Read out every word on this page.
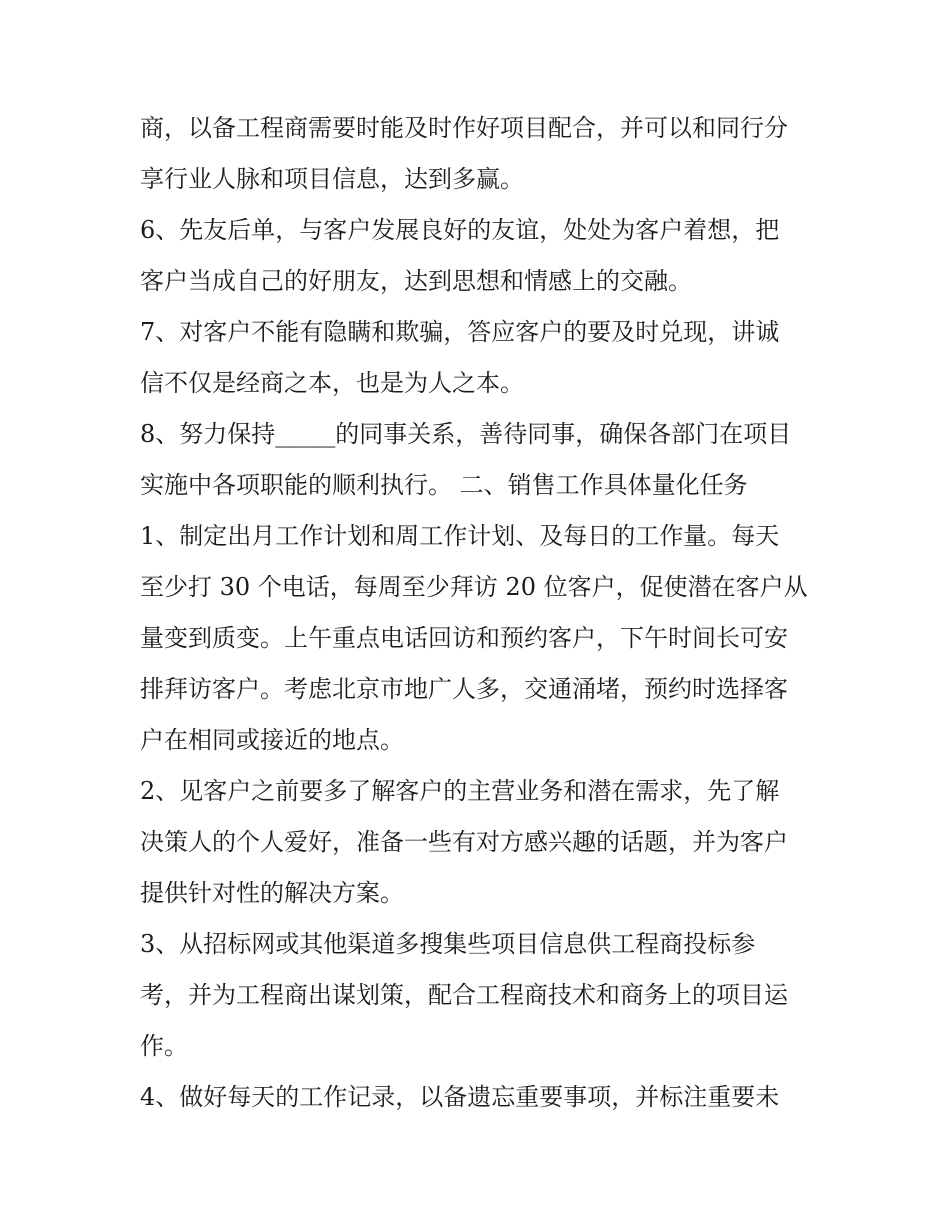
商，以备工程商需要时能及时作好项目配合，并可以和同行分
享行业人脉和项目信息，达到多赢。
6、先友后单，与客户发展良好的友谊，处处为客户着想，把
客户当成自己的好朋友，达到思想和情感上的交融。
7、对客户不能有隐瞒和欺骗，答应客户的要及时兑现，讲诚
信不仅是经商之本，也是为人之本。
8、努力保持_____的同事关系，善待同事，确保各部门在项目
实施中各项职能的顺利执行。 二、销售工作具体量化任务
1、制定出月工作计划和周工作计划、及每日的工作量。每天
至少打 30 个电话，每周至少拜访 20 位客户，促使潜在客户从
量变到质变。上午重点电话回访和预约客户，下午时间长可安
排拜访客户。考虑北京市地广人多，交通涌堵，预约时选择客
户在相同或接近的地点。
2、见客户之前要多了解客户的主营业务和潜在需求，先了解
决策人的个人爱好，准备一些有对方感兴趣的话题，并为客户
提供针对性的解决方案。
3、从招标网或其他渠道多搜集些项目信息供工程商投标参
考，并为工程商出谋划策，配合工程商技术和商务上的项目运
作。
4、做好每天的工作记录，以备遗忘重要事项，并标注重要未
